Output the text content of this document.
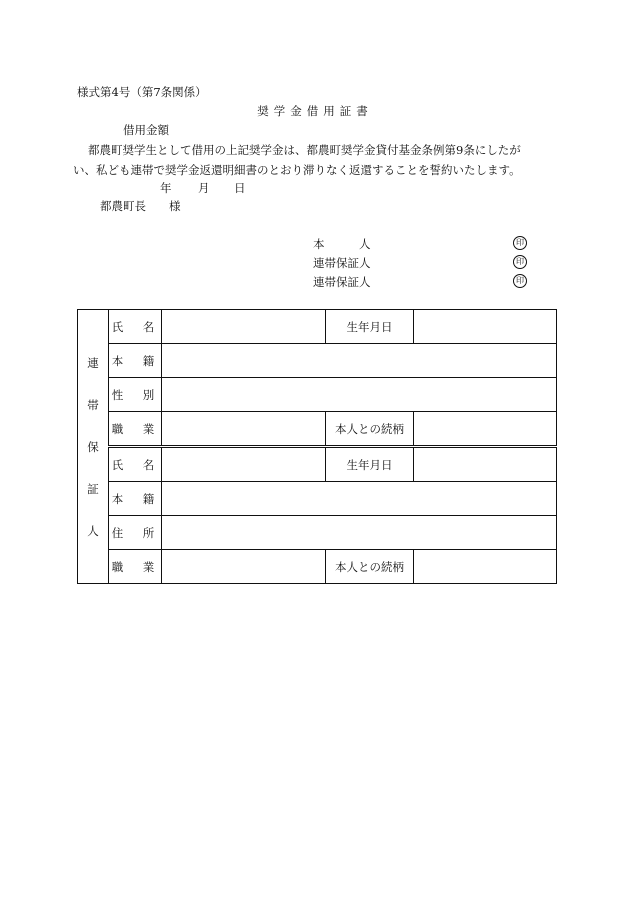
様式第4号（第7条関係）
奨学金借用証書
借用金額
都農町奨学生として借用の上記奨学金は、都農町奨学金貸付基金条例第9条にしたが
い、私ども連帯で奨学金返還明細書のとおり滞りなく返還することを誓約いたします。
年 月 日
都農町長　　様
本　　　人	印
連帯保証人	印
連帯保証人	印
連
帯
保
証
人	氏　名		生年月日	
	本　籍			
	性　別			
	職　業		本人との続柄	
	氏　名		生年月日	
	本　籍			
	住　所			
	職　業		本人との続柄	
